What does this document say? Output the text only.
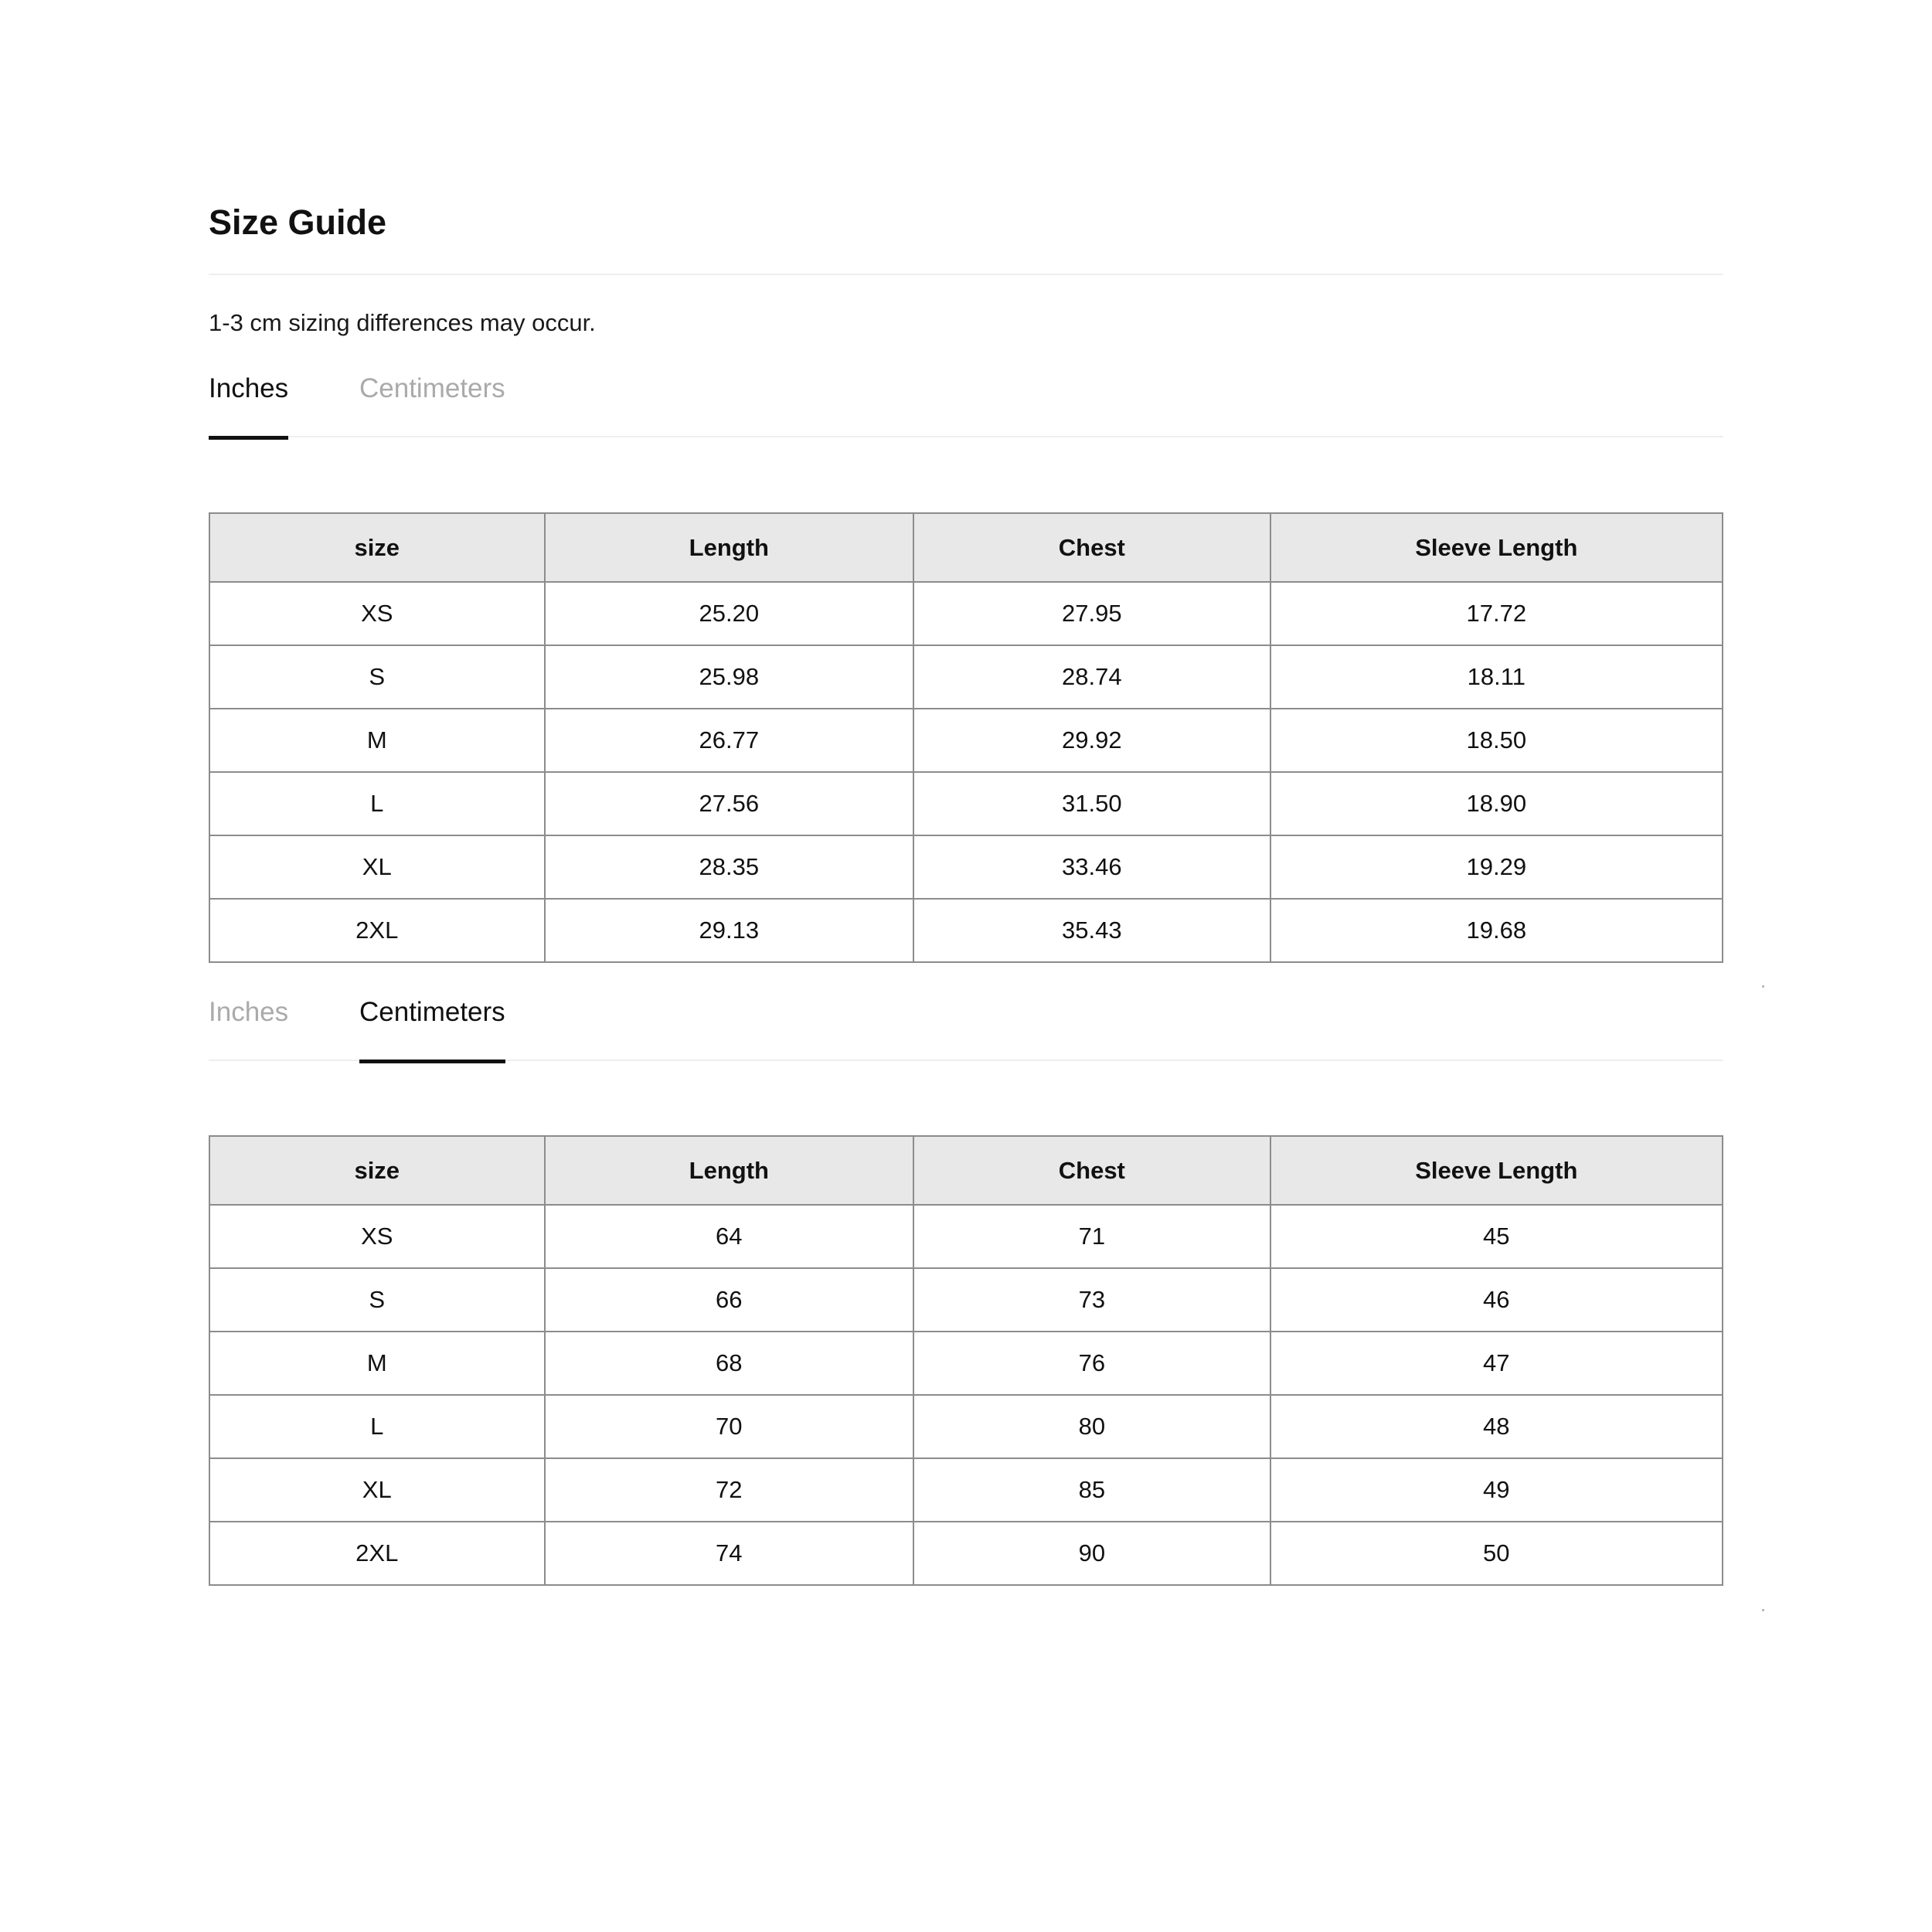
Size Guide
1-3 cm sizing differences may occur.
Inches	Centimeters
size	Length	Chest	Sleeve Length
XS	25.20	27.95	17.72
S	25.98	28.74	18.11
M	26.77	29.92	18.50
L	27.56	31.50	18.90
XL	28.35	33.46	19.29
2XL	29.13	35.43	19.68
Inches	Centimeters
size	Length	Chest	Sleeve Length
XS	64	71	45
S	66	73	46
M	68	76	47
L	70	80	48
XL	72	85	49
2XL	74	90	50
